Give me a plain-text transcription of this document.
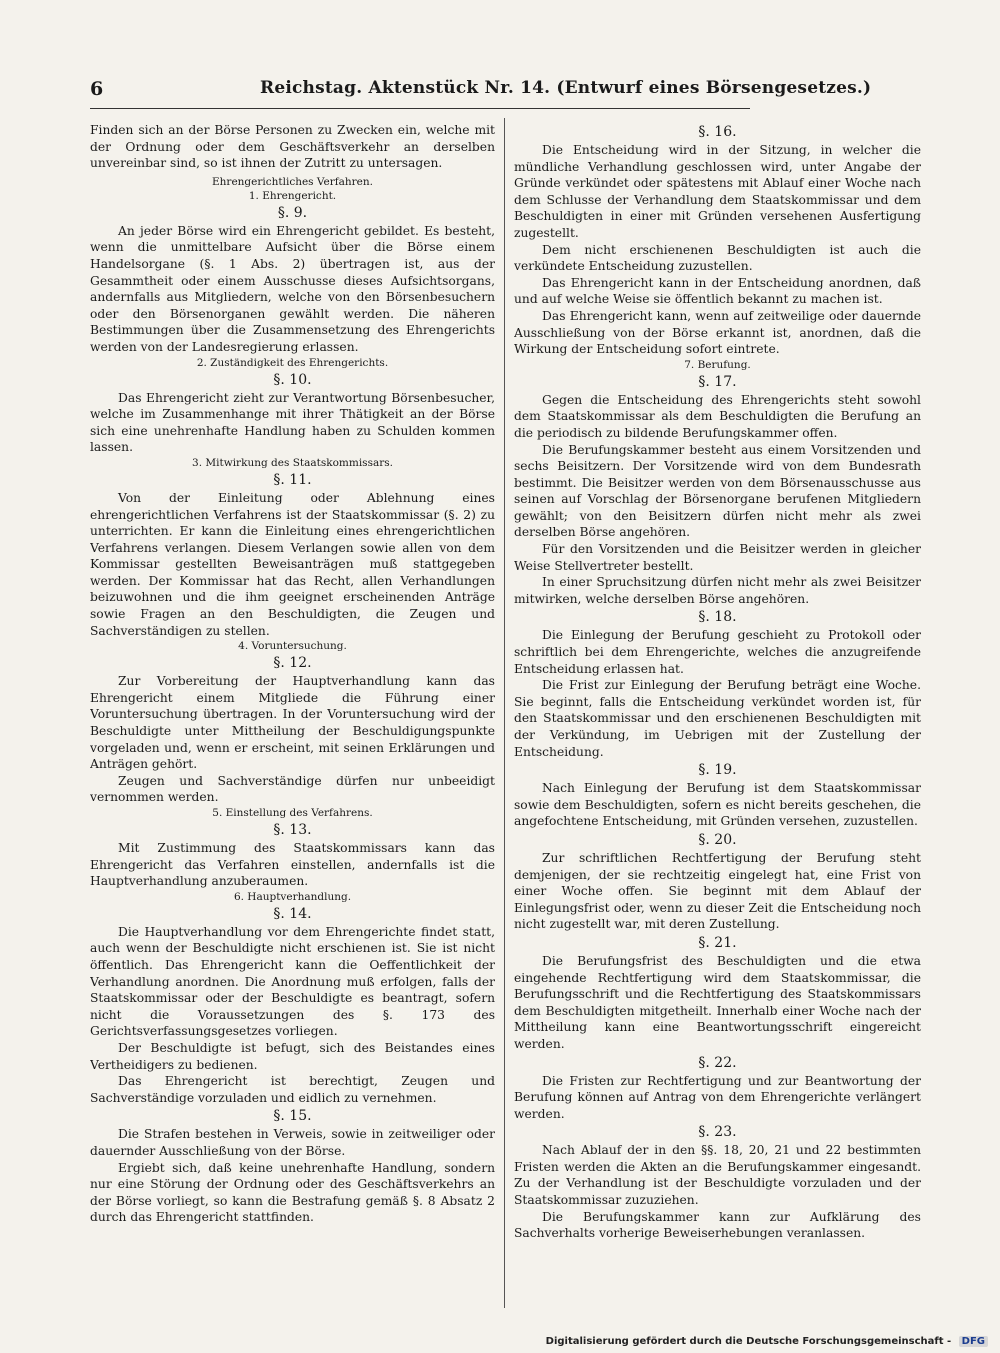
6	Reichstag. Aktenstück Nr. 14. (Entwurf eines Börsengesetzes.)

Finden sich an der Börse Personen zu Zwecken ein, welche mit der Ordnung oder dem Geschäftsverkehr an derselben unvereinbar sind, so ist ihnen der Zutritt zu untersagen.

Ehrengerichtliches Verfahren.

1. Ehrengericht.

§. 9.

An jeder Börse wird ein Ehrengericht gebildet. Es besteht, wenn die unmittelbare Aufsicht über die Börse einem Handelsorgane (§. 1 Abs. 2) übertragen ist, aus der Gesammtheit oder einem Ausschusse dieses Aufsichtsorgans, andernfalls aus Mitgliedern, welche von den Börsenbesuchern oder den Börsenorganen gewählt werden. Die näheren Bestimmungen über die Zusammensetzung des Ehrengerichts werden von der Landesregierung erlassen.

2. Zuständigkeit des Ehrengerichts.

§. 10.

Das Ehrengericht zieht zur Verantwortung Börsenbesucher, welche im Zusammenhange mit ihrer Thätigkeit an der Börse sich eine unehrenhafte Handlung haben zu Schulden kommen lassen.

3. Mitwirkung des Staatskommissars.

§. 11.

Von der Einleitung oder Ablehnung eines ehrengerichtlichen Verfahrens ist der Staatskommissar (§. 2) zu unterrichten. Er kann die Einleitung eines ehrengerichtlichen Verfahrens verlangen. Diesem Verlangen sowie allen von dem Kommissar gestellten Beweisanträgen muß stattgegeben werden. Der Kommissar hat das Recht, allen Verhandlungen beizuwohnen und die ihm geeignet erscheinenden Anträge sowie Fragen an den Beschuldigten, die Zeugen und Sachverständigen zu stellen.

4. Voruntersuchung.

§. 12.

Zur Vorbereitung der Hauptverhandlung kann das Ehrengericht einem Mitgliede die Führung einer Voruntersuchung übertragen. In der Voruntersuchung wird der Beschuldigte unter Mittheilung der Beschuldigungspunkte vorgeladen und, wenn er erscheint, mit seinen Erklärungen und Anträgen gehört.

Zeugen und Sachverständige dürfen nur unbeeidigt vernommen werden.

5. Einstellung des Verfahrens.

§. 13.

Mit Zustimmung des Staatskommissars kann das Ehrengericht das Verfahren einstellen, andernfalls ist die Hauptverhandlung anzuberaumen.

6. Hauptverhandlung.

§. 14.

Die Hauptverhandlung vor dem Ehrengerichte findet statt, auch wenn der Beschuldigte nicht erschienen ist. Sie ist nicht öffentlich. Das Ehrengericht kann die Oeffentlichkeit der Verhandlung anordnen. Die Anordnung muß erfolgen, falls der Staatskommissar oder der Beschuldigte es beantragt, sofern nicht die Voraussetzungen des §. 173 des Gerichtsverfassungsgesetzes vorliegen.

Der Beschuldigte ist befugt, sich des Beistandes eines Vertheidigers zu bedienen.

Das Ehrengericht ist berechtigt, Zeugen und Sachverständige vorzuladen und eidlich zu vernehmen.

§. 15.

Die Strafen bestehen in Verweis, sowie in zeitweiliger oder dauernder Ausschließung von der Börse.

Ergiebt sich, daß keine unehrenhafte Handlung, sondern nur eine Störung der Ordnung oder des Geschäftsverkehrs an der Börse vorliegt, so kann die Bestrafung gemäß §. 8 Absatz 2 durch das Ehrengericht stattfinden.

§. 16.

Die Entscheidung wird in der Sitzung, in welcher die mündliche Verhandlung geschlossen wird, unter Angabe der Gründe verkündet oder spätestens mit Ablauf einer Woche nach dem Schlusse der Verhandlung dem Staatskommissar und dem Beschuldigten in einer mit Gründen versehenen Ausfertigung zugestellt.

Dem nicht erschienenen Beschuldigten ist auch die verkündete Entscheidung zuzustellen.

Das Ehrengericht kann in der Entscheidung anordnen, daß und auf welche Weise sie öffentlich bekannt zu machen ist.

Das Ehrengericht kann, wenn auf zeitweilige oder dauernde Ausschließung von der Börse erkannt ist, anordnen, daß die Wirkung der Entscheidung sofort eintrete.

7. Berufung.

§. 17.

Gegen die Entscheidung des Ehrengerichts steht sowohl dem Staatskommissar als dem Beschuldigten die Berufung an die periodisch zu bildende Berufungskammer offen.

Die Berufungskammer besteht aus einem Vorsitzenden und sechs Beisitzern. Der Vorsitzende wird von dem Bundesrath bestimmt. Die Beisitzer werden von dem Börsenausschusse aus seinen auf Vorschlag der Börsenorgane berufenen Mitgliedern gewählt; von den Beisitzern dürfen nicht mehr als zwei derselben Börse angehören.

Für den Vorsitzenden und die Beisitzer werden in gleicher Weise Stellvertreter bestellt.

In einer Spruchsitzung dürfen nicht mehr als zwei Beisitzer mitwirken, welche derselben Börse angehören.

§. 18.

Die Einlegung der Berufung geschieht zu Protokoll oder schriftlich bei dem Ehrengerichte, welches die anzugreifende Entscheidung erlassen hat.

Die Frist zur Einlegung der Berufung beträgt eine Woche. Sie beginnt, falls die Entscheidung verkündet worden ist, für den Staatskommissar und den erschienenen Beschuldigten mit der Verkündung, im Uebrigen mit der Zustellung der Entscheidung.

§. 19.

Nach Einlegung der Berufung ist dem Staatskommissar sowie dem Beschuldigten, sofern es nicht bereits geschehen, die angefochtene Entscheidung, mit Gründen versehen, zuzustellen.

§. 20.

Zur schriftlichen Rechtfertigung der Berufung steht demjenigen, der sie rechtzeitig eingelegt hat, eine Frist von einer Woche offen. Sie beginnt mit dem Ablauf der Einlegungsfrist oder, wenn zu dieser Zeit die Entscheidung noch nicht zugestellt war, mit deren Zustellung.

§. 21.

Die Berufungsfrist des Beschuldigten und die etwa eingehende Rechtfertigung wird dem Staatskommissar, die Berufungsschrift und die Rechtfertigung des Staatskommissars dem Beschuldigten mitgetheilt. Innerhalb einer Woche nach der Mittheilung kann eine Beantwortungsschrift eingereicht werden.

§. 22.

Die Fristen zur Rechtfertigung und zur Beantwortung der Berufung können auf Antrag von dem Ehrengerichte verlängert werden.

§. 23.

Nach Ablauf der in den §§. 18, 20, 21 und 22 bestimmten Fristen werden die Akten an die Berufungskammer eingesandt. Zu der Verhandlung ist der Beschuldigte vorzuladen und der Staatskommissar zuzuziehen.

Die Berufungskammer kann zur Aufklärung des Sachverhalts vorherige Beweiserhebungen veranlassen.

Digitalisierung gefördert durch die Deutsche Forschungsgemeinschaft - DFG
